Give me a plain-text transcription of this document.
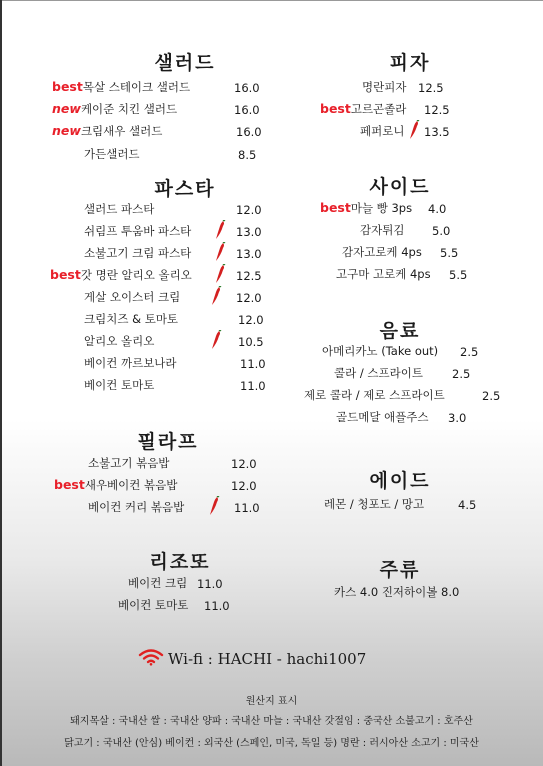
샐러드
best목살 스테이크 샐러드	16.0
new케이준 치킨 샐러드	16.0
new크림새우 샐러드	16.0
가든샐러드	8.5
파스타
샐러드 파스타	12.0
쉬림프 투움바 파스타	13.0
소불고기 크림 파스타	13.0
best갓 명란 알리오 올리오	12.5
게살 오이스터 크림	12.0
크림치즈 & 토마토	12.0
알리오 올리오	10.5
베이컨 까르보나라	11.0
베이컨 토마토	11.0
필라프
소불고기 볶음밥	12.0
best새우베이컨 볶음밥	12.0
베이컨 커리 볶음밥	11.0
리조또
베이컨 크림 11.0
베이컨 토마토 11.0
피자
명란피자 12.5
best고르곤졸라 12.5
페퍼로니 13.5
사이드
best마늘 빵 3ps 4.0
감자튀김 5.0
감자고로케 4ps 5.5
고구마 고로케 4ps 5.5
음료
아메리카노 (Take out) 2.5
콜라 / 스프라이트	2.5
제로 콜라 / 제로 스프라이트	2.5
골드메달 애플주스 3.0
에이드
레몬 / 청포도 / 망고	4.5
주류
카스 4.0 진저하이볼 8.0
Wi-fi : HACHI - hachi1007
원산지 표시
돼지목살 : 국내산 쌀 : 국내산 양파 : 국내산 마늘 : 국내산 갓절임 : 중국산 소불고기 : 호주산
닭고기 : 국내산 (안심) 베이컨 : 외국산 (스페인, 미국, 독일 등) 명란 : 러시아산 소고기 : 미국산
